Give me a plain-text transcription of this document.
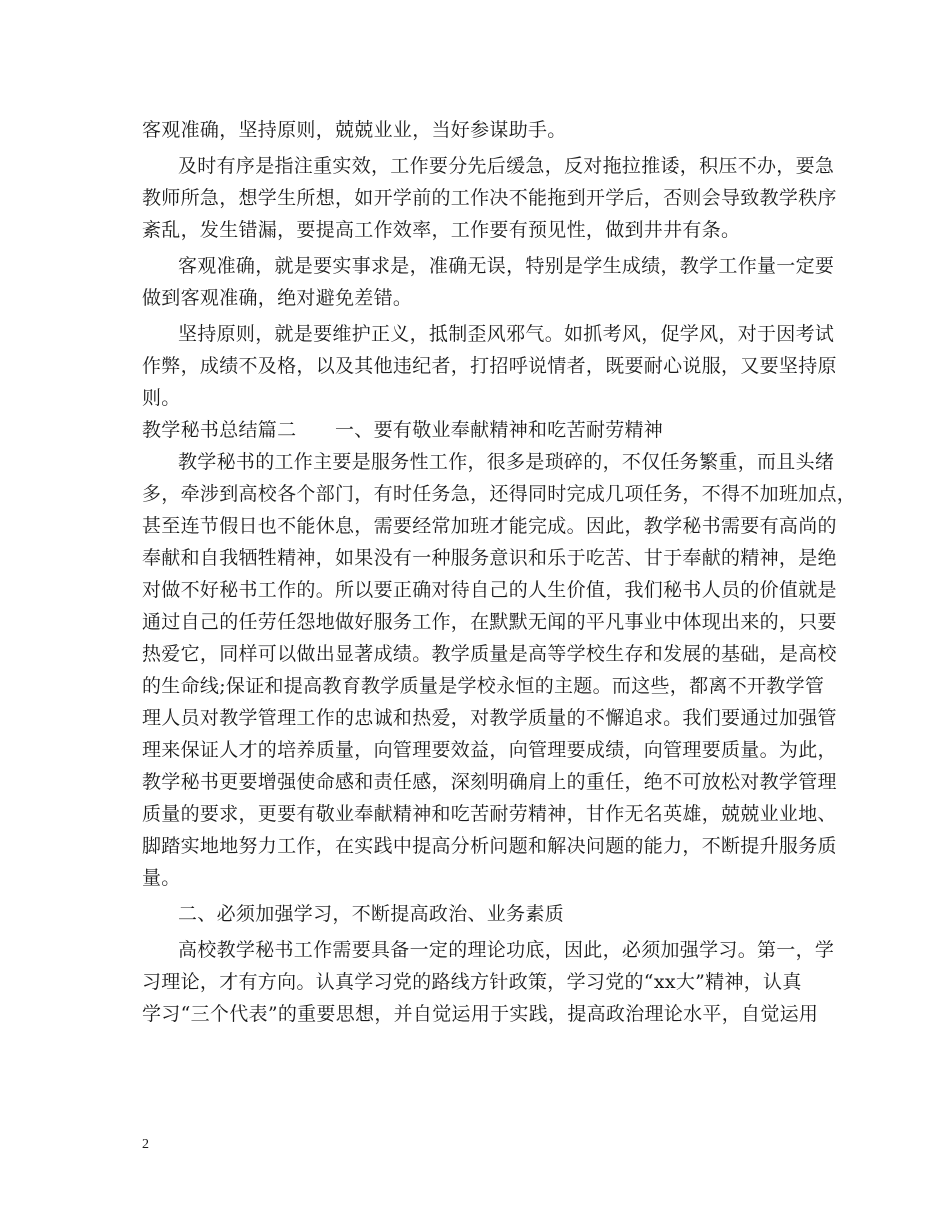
客观准确，坚持原则，兢兢业业，当好参谋助手。
及时有序是指注重实效，工作要分先后缓急，反对拖拉推诿，积压不办，要急
教师所急，想学生所想，如开学前的工作决不能拖到开学后，否则会导致教学秩序
紊乱，发生错漏，要提高工作效率，工作要有预见性，做到井井有条。
客观准确，就是要实事求是，准确无误，特别是学生成绩，教学工作量一定要
做到客观准确，绝对避免差错。
坚持原则，就是要维护正义，抵制歪风邪气。如抓考风，促学风，对于因考试
作弊，成绩不及格，以及其他违纪者，打招呼说情者，既要耐心说服，又要坚持原
则。
教学秘书总结篇二　　一、要有敬业奉献精神和吃苦耐劳精神
教学秘书的工作主要是服务性工作，很多是琐碎的，不仅任务繁重，而且头绪
多，牵涉到高校各个部门，有时任务急，还得同时完成几项任务，不得不加班加点，
甚至连节假日也不能休息，需要经常加班才能完成。因此，教学秘书需要有高尚的
奉献和自我牺牲精神，如果没有一种服务意识和乐于吃苦、甘于奉献的精神，是绝
对做不好秘书工作的。所以要正确对待自己的人生价值，我们秘书人员的价值就是
通过自己的任劳任怨地做好服务工作，在默默无闻的平凡事业中体现出来的，只要
热爱它，同样可以做出显著成绩。教学质量是高等学校生存和发展的基础，是高校
的生命线;保证和提高教育教学质量是学校永恒的主题。而这些，都离不开教学管
理人员对教学管理工作的忠诚和热爱，对教学质量的不懈追求。我们要通过加强管
理来保证人才的培养质量，向管理要效益，向管理要成绩，向管理要质量。为此，
教学秘书更要增强使命感和责任感，深刻明确肩上的重任，绝不可放松对教学管理
质量的要求，更要有敬业奉献精神和吃苦耐劳精神，甘作无名英雄，兢兢业业地、
脚踏实地地努力工作，在实践中提高分析问题和解决问题的能力，不断提升服务质
量。
二、必须加强学习，不断提高政治、业务素质
高校教学秘书工作需要具备一定的理论功底，因此，必须加强学习。第一，学
习理论，才有方向。认真学习党的路线方针政策，学习党的“xx大”精神，认真
学习“三个代表”的重要思想，并自觉运用于实践，提高政治理论水平，自觉运用
2
